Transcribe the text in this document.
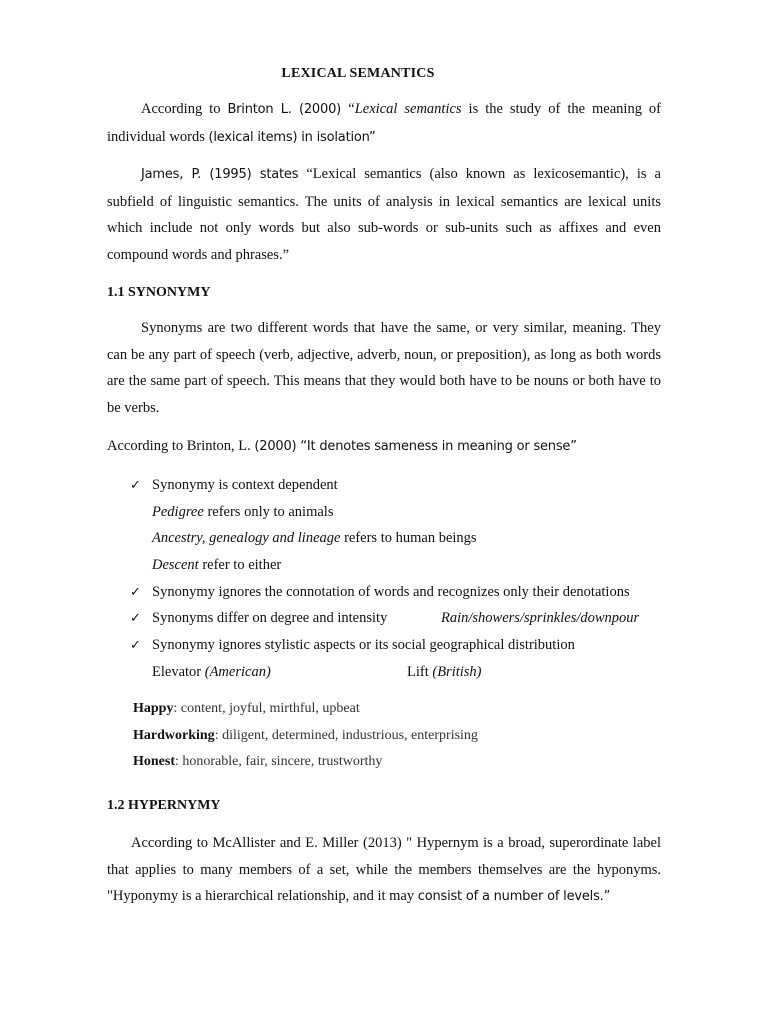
LEXICAL SEMANTICS

According to Brinton L. (2000) “Lexical semantics is the study of the meaning of individual words (lexical items) in isolation”

James, P. (1995) states “Lexical semantics (also known as lexicosemantic), is a subfield of linguistic semantics. The units of analysis in lexical semantics are lexical units which include not only words but also sub-words or sub-units such as affixes and even compound words and phrases.”

1.1 SYNONYMY

Synonyms are two different words that have the same, or very similar, meaning. They can be any part of speech (verb, adjective, adverb, noun, or preposition), as long as both words are the same part of speech. This means that they would both have to be nouns or both have to be verbs.

According to Brinton, L. (2000) “It denotes sameness in meaning or sense”

✓ Synonymy is context dependent
Pedigree refers only to animals
Ancestry, genealogy and lineage refers to human beings
Descent refer to either
✓ Synonymy ignores the connotation of words and recognizes only their denotations
✓ Synonyms differ on degree and intensity	Rain/showers/sprinkles/downpour
✓ Synonymy ignores stylistic aspects or its social geographical distribution
Elevator (American)	Lift (British)
Happy: content, joyful, mirthful, upbeat
Hardworking: diligent, determined, industrious, enterprising
Honest: honorable, fair, sincere, trustworthy
1.2 HYPERNYMY

According to McAllister and E. Miller (2013) " Hypernym is a broad, superordinate label that applies to many members of a set, while the members themselves are the hyponyms. "Hyponymy is a hierarchical relationship, and it may consist of a number of levels.”
